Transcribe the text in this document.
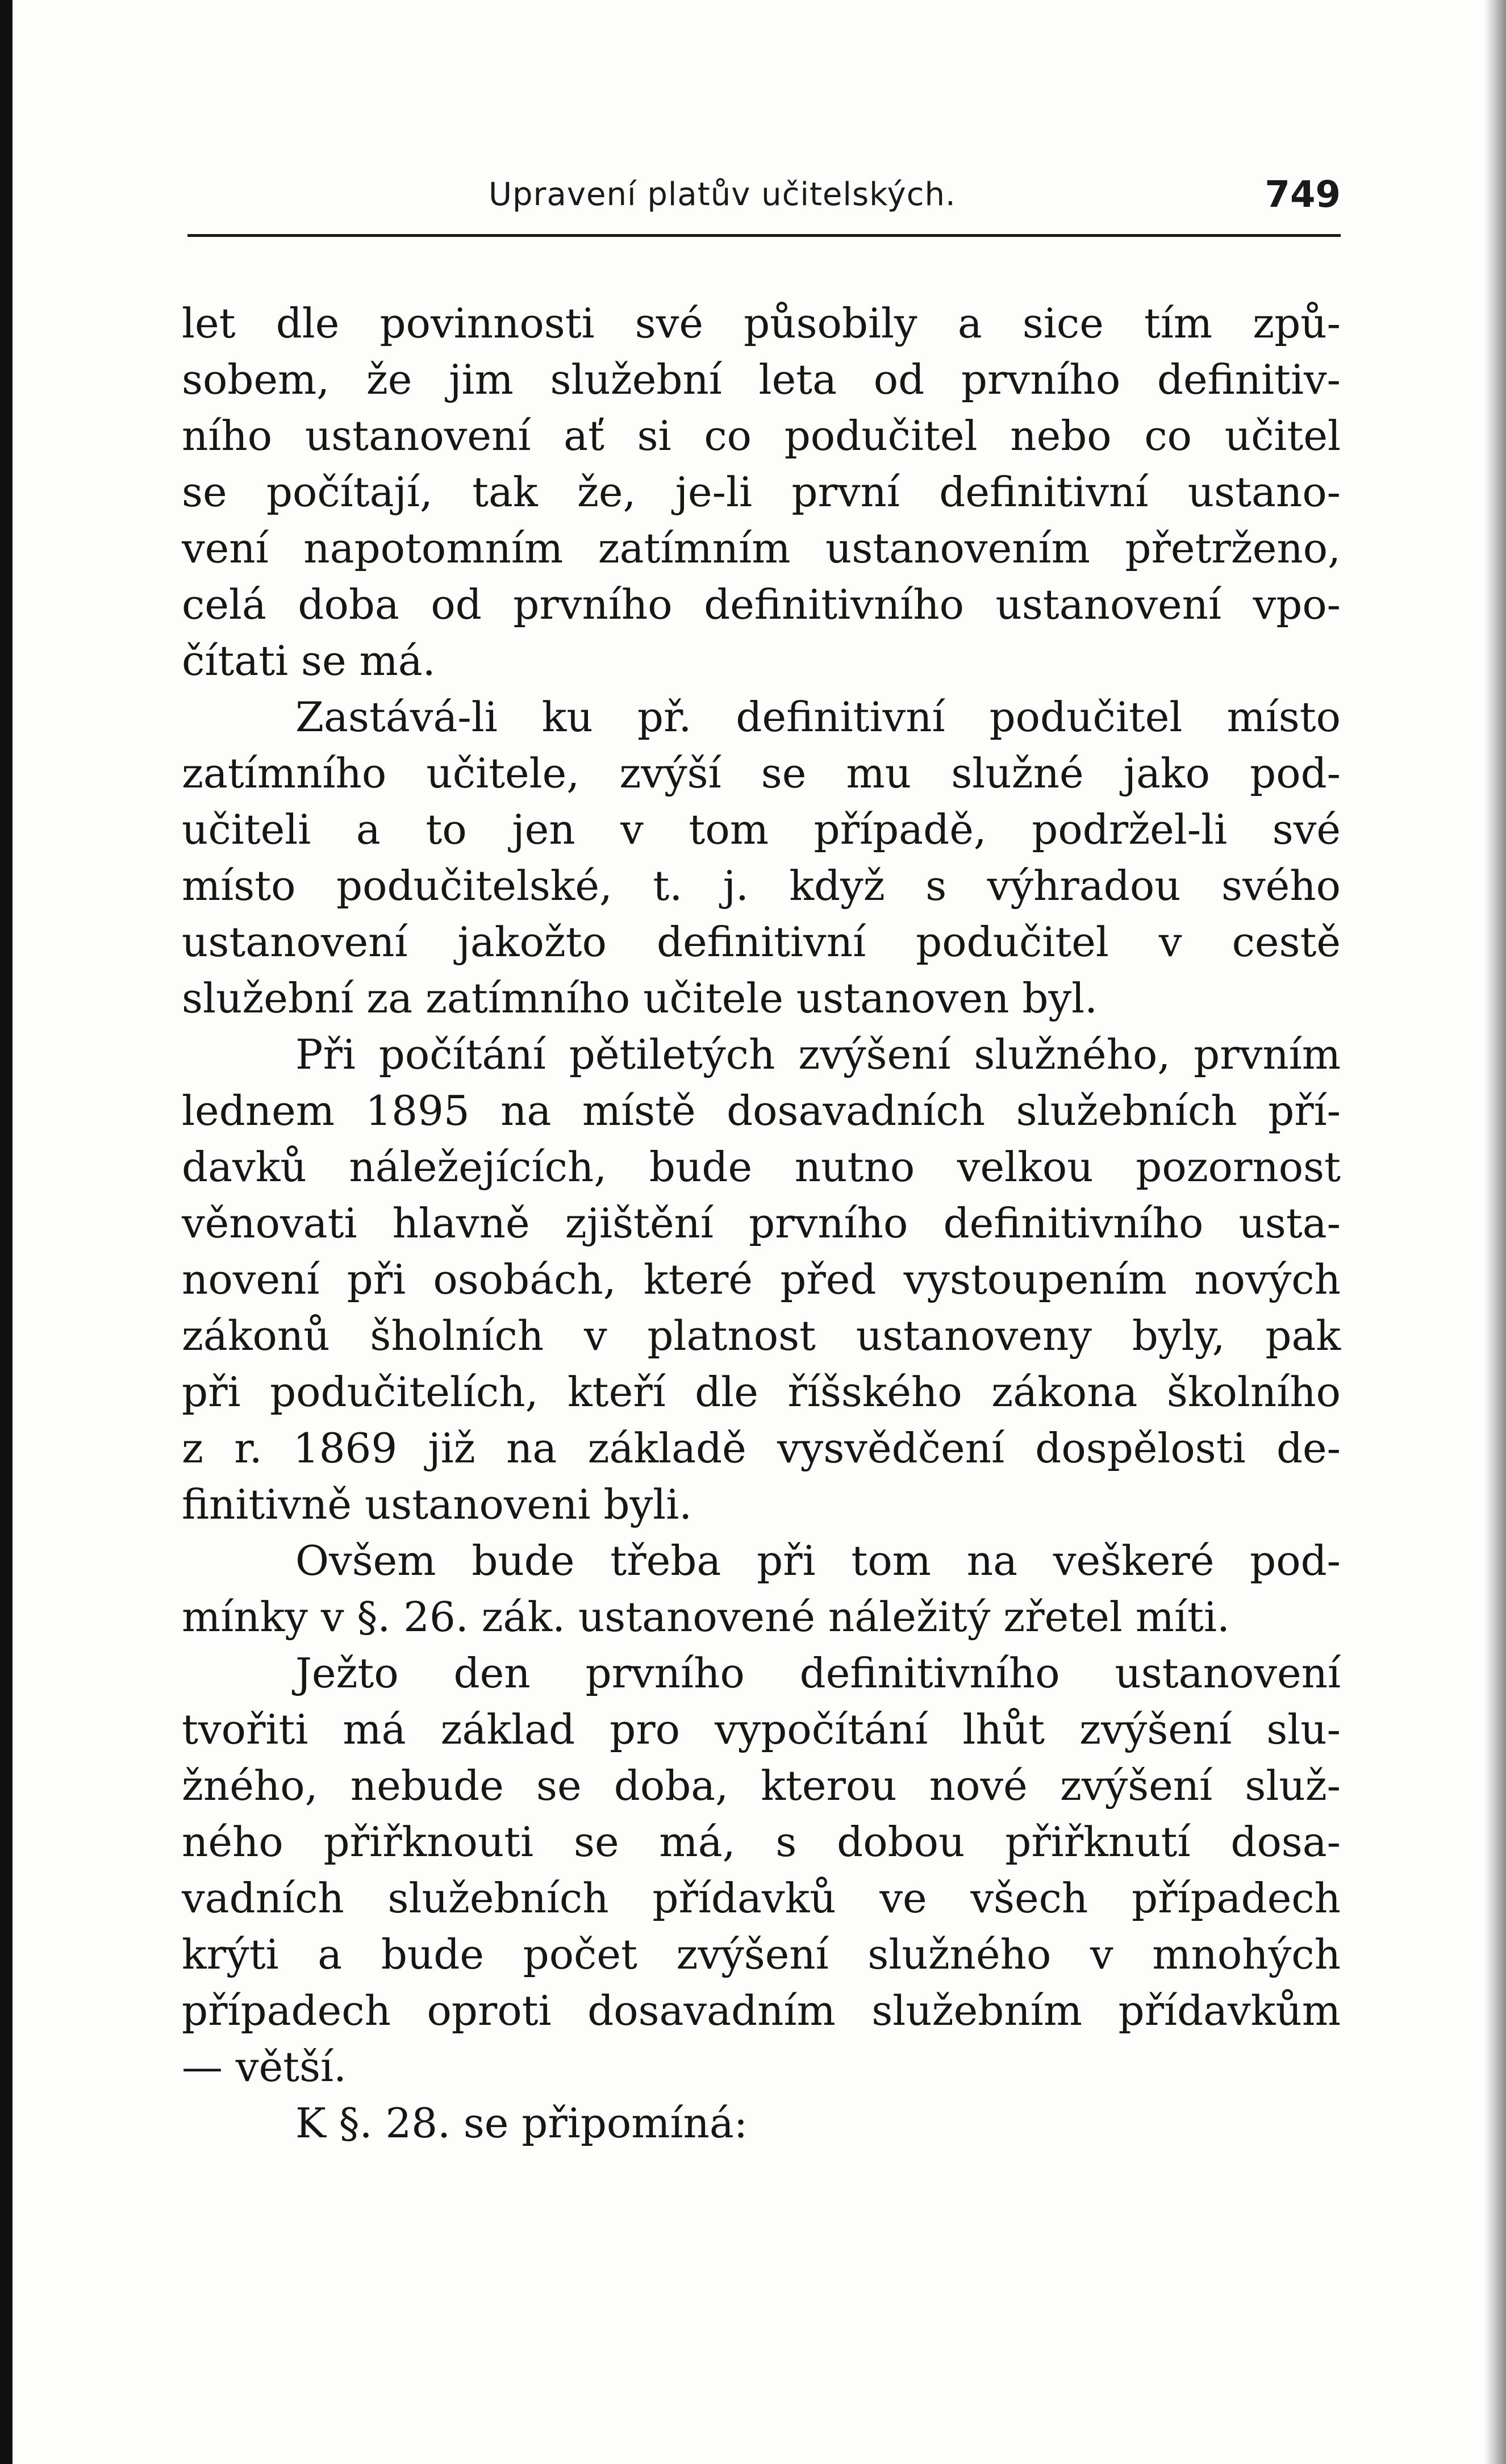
Upravení platův učitelských.	749
let dle povinnosti své působily a sice tím způ-
sobem, že jim služební leta od prvního definitiv-
ního ustanovení ať si co podučitel nebo co učitel
se počítají, tak že, je-li první definitivní ustano-
vení napotomním zatímním ustanovením přetrženo,
celá doba od prvního definitivního ustanovení vpo-
čítati se má.
Zastává-li ku př. definitivní podučitel místo
zatímního učitele, zvýší se mu služné jako pod-
učiteli a to jen v tom případě, podržel-li své
místo podučitelské, t. j. když s výhradou svého
ustanovení jakožto definitivní podučitel v cestě
služební za zatímního učitele ustanoven byl.
Při počítání pětiletých zvýšení služného, prvním
lednem 1895 na místě dosavadních služebních pří-
davků náležejících, bude nutno velkou pozornost
věnovati hlavně zjištění prvního definitivního usta-
novení při osobách, které před vystoupením nových
zákonů šholních v platnost ustanoveny byly, pak
při podučitelích, kteří dle říšského zákona školního
z r. 1869 již na základě vysvědčení dospělosti de-
finitivně ustanoveni byli.
Ovšem bude třeba při tom na veškeré pod-
mínky v §. 26. zák. ustanovené náležitý zřetel míti.
Ježto den prvního definitivního ustanovení
tvořiti má základ pro vypočítání lhůt zvýšení slu-
žného, nebude se doba, kterou nové zvýšení služ-
ného přiřknouti se má, s dobou přiřknutí dosa-
vadních služebních přídavků ve všech případech
krýti a bude počet zvýšení služného v mnohých
případech oproti dosavadním služebním přídavkům
— větší.
K §. 28. se připomíná:
